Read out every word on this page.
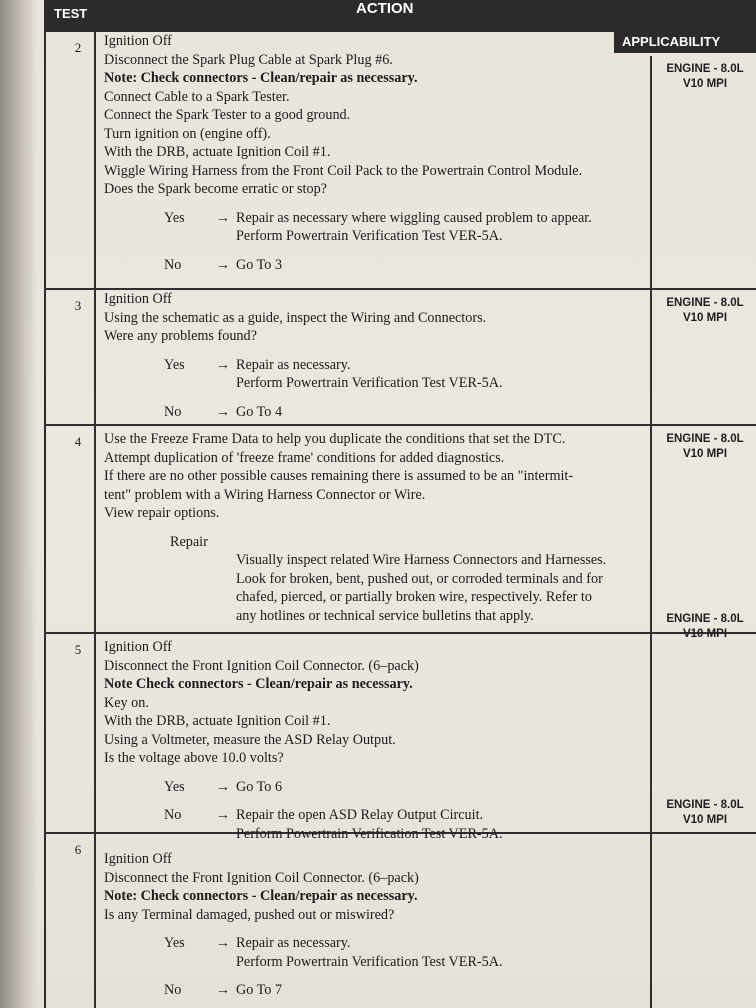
TEST	ACTION
APPLICABILITY
2	Ignition Off
Disconnect the Spark Plug Cable at Spark Plug #6.
Note: Check connectors - Clean/repair as necessary.
Connect Cable to a Spark Tester.
Connect the Spark Tester to a good ground.
Turn ignition on (engine off).
With the DRB, actuate Ignition Coil #1.
Wiggle Wiring Harness from the Front Coil Pack to the Powertrain Control Module.
Does the Spark become erratic or stop?
Yes → Repair as necessary where wiggling caused problem to appear.
Perform Powertrain Verification Test VER-5A.
No → Go To 3
ENGINE - 8.0L
V10 MPI
3	Ignition Off
Using the schematic as a guide, inspect the Wiring and Connectors.
Were any problems found?
Yes → Repair as necessary.
Perform Powertrain Verification Test VER-5A.
No → Go To 4
ENGINE - 8.0L
V10 MPI
4	Use the Freeze Frame Data to help you duplicate the conditions that set the DTC.
Attempt duplication of 'freeze frame' conditions for added diagnostics.
If there are no other possible causes remaining there is assumed to be an "intermit-
tent" problem with a Wiring Harness Connector or Wire.
View repair options.
Repair
Visually inspect related Wire Harness Connectors and Harnesses.
Look for broken, bent, pushed out, or corroded terminals and for
chafed, pierced, or partially broken wire, respectively. Refer to
any hotlines or technical service bulletins that apply.
ENGINE - 8.0L
V10 MPI
5	Ignition Off
Disconnect the Front Ignition Coil Connector. (6–pack)
Note Check connectors - Clean/repair as necessary.
Key on.
With the DRB, actuate Ignition Coil #1.
Using a Voltmeter, measure the ASD Relay Output.
Is the voltage above 10.0 volts?
Yes → Go To 6
No → Repair the open ASD Relay Output Circuit.
Perform Powertrain Verification Test VER-5A.
ENGINE - 8.0L
V10 MPI
6
Ignition Off
Disconnect the Front Ignition Coil Connector. (6–pack)
Note: Check connectors - Clean/repair as necessary.
Is any Terminal damaged, pushed out or miswired?
Yes → Repair as necessary.
Perform Powertrain Verification Test VER-5A.
No → Go To 7
ENGINE - 8.0L
V10 MPI
